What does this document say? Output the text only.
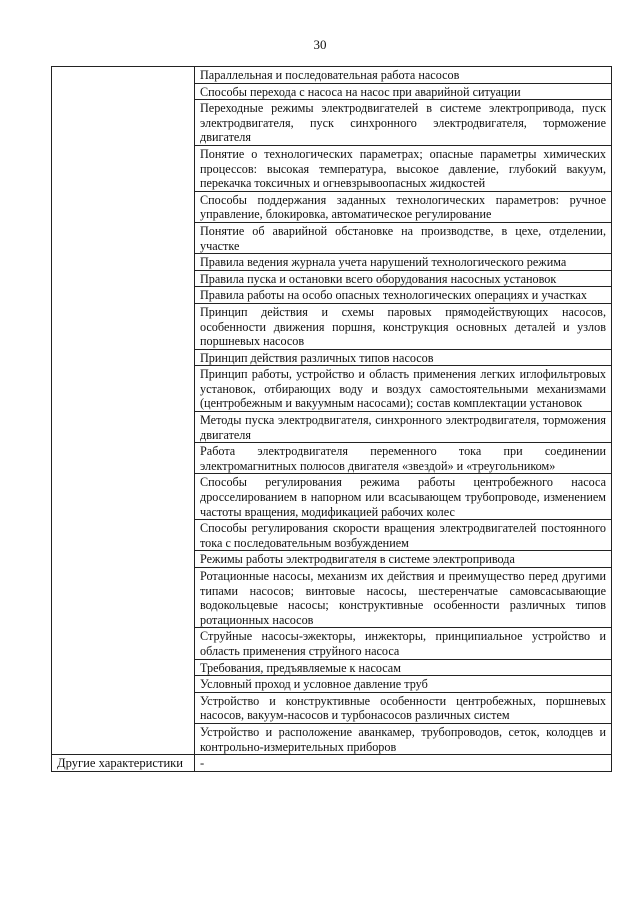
30

	Параллельная и последовательная работа насосов

	Способы перехода с насоса на насос при аварийной ситуации

	Переходные режимы электродвигателей в системе электропривода, пуск электродвигателя, пуск синхронного электродвигателя, торможение двигателя

	Понятие о технологических параметрах; опасные параметры химических процессов: высокая температура, высокое давление, глубокий вакуум, перекачка токсичных и огневзрывоопасных жидкостей

	Способы поддержания заданных технологических параметров: ручное управление, блокировка, автоматическое регулирование

	Понятие об аварийной обстановке на производстве, в цехе, отделении, участке

	Правила ведения журнала учета нарушений технологического режима

	Правила пуска и остановки всего оборудования насосных установок

	Правила работы на особо опасных технологических операциях и участках

	Принцип действия и схемы паровых прямодействующих насосов, особенности движения поршня, конструкция основных деталей и узлов поршневых насосов

	Принцип действия различных типов насосов

	Принцип работы, устройство и область применения легких иглофильтровых установок, отбирающих воду и воздух самостоятельными механизмами (центробежным и вакуумным насосами); состав комплектации установок

	Методы пуска электродвигателя, синхронного электродвигателя, торможения двигателя

	Работа электродвигателя переменного тока при соединении электромагнитных полюсов двигателя «звездой» и «треугольником»

	Способы регулирования режима работы центробежного насоса дросселированием в напорном или всасывающем трубопроводе, изменением частоты вращения, модификацией рабочих колес

	Способы регулирования скорости вращения электродвигателей постоянного тока с последовательным возбуждением

	Режимы работы электродвигателя в системе электропривода

	Ротационные насосы, механизм их действия и преимущество перед другими типами насосов; винтовые насосы, шестеренчатые самовсасывающие водокольцевые насосы; конструктивные особенности различных типов ротационных насосов

	Струйные насосы-эжекторы, инжекторы, принципиальное устройство и область применения струйного насоса

	Требования, предъявляемые к насосам

	Условный проход и условное давление труб

	Устройство и конструктивные особенности центробежных, поршневых насосов, вакуум-насосов и турбонасосов различных систем

	Устройство и расположение аванкамер, трубопроводов, сеток, колодцев и контрольно-измерительных приборов

Другие характеристики	-
